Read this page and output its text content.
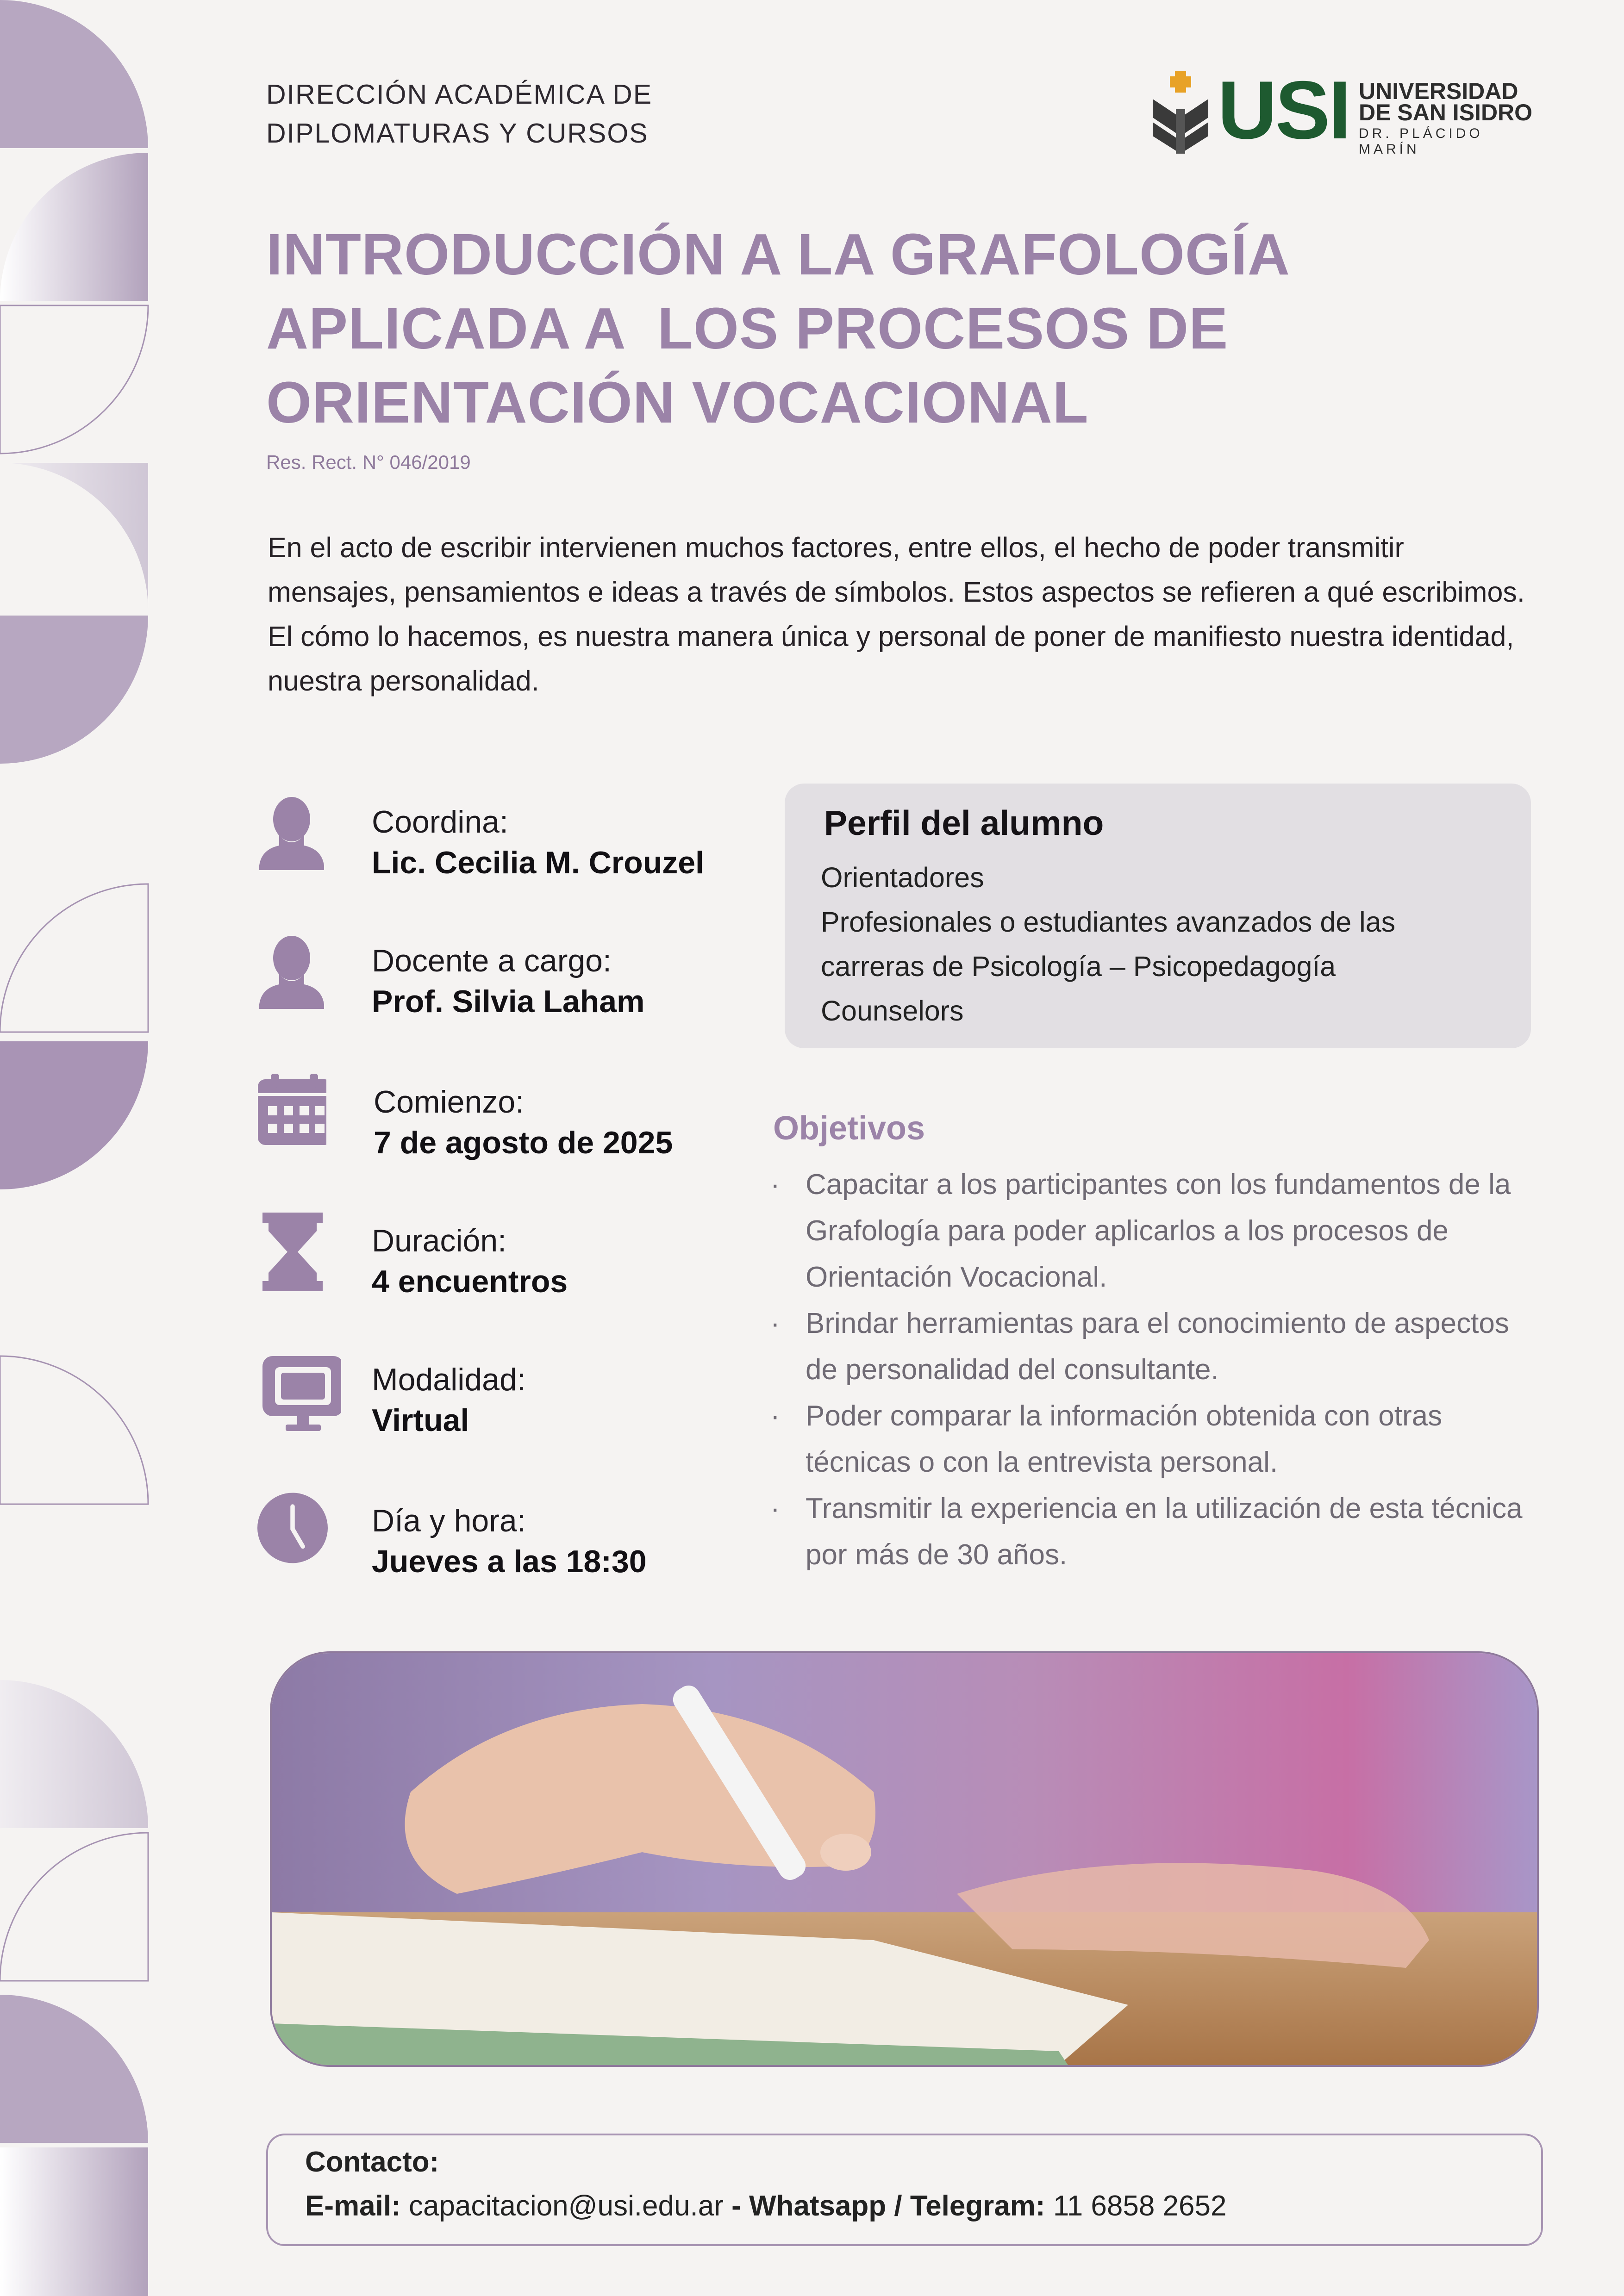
DIRECCIÓN ACADÉMICA DE
DIPLOMATURAS Y CURSOS	USI UNIVERSIDAD
DE SAN ISIDRO
DR. PLÁCIDO MARÍN
INTRODUCCIÓN A LA GRAFOLOGÍA
APLICADA A  LOS PROCESOS DE
ORIENTACIÓN VOCACIONAL
Res. Rect. N° 046/2019
En el acto de escribir intervienen muchos factores, entre ellos, el hecho de poder transmitir mensajes, pensamientos e ideas a través de símbolos. Estos aspectos se refieren a qué escribimos. El cómo lo hacemos, es nuestra manera única y personal de poner de manifiesto nuestra identidad, nuestra personalidad.
Coordina:
Lic. Cecilia M. Crouzel
Docente a cargo:
Prof. Silvia Laham
Comienzo:
7 de agosto de 2025
Duración:
4 encuentros
Modalidad:
Virtual
Día y hora:
Jueves a las 18:30
Perfil del alumno
Orientadores
Profesionales o estudiantes avanzados de las
carreras de Psicología – Psicopedagogía
Counselors
Objetivos
· Capacitar a los participantes con los fundamentos de la Grafología para poder aplicarlos a los procesos de Orientación Vocacional.
· Brindar herramientas para el conocimiento de aspectos de personalidad del consultante.
· Poder comparar la información obtenida con otras técnicas o con la entrevista personal.
· Transmitir la experiencia en la utilización de esta técnica por más de 30 años.
Contacto:
E-mail: capacitacion@usi.edu.ar - Whatsapp / Telegram: 11 6858 2652
